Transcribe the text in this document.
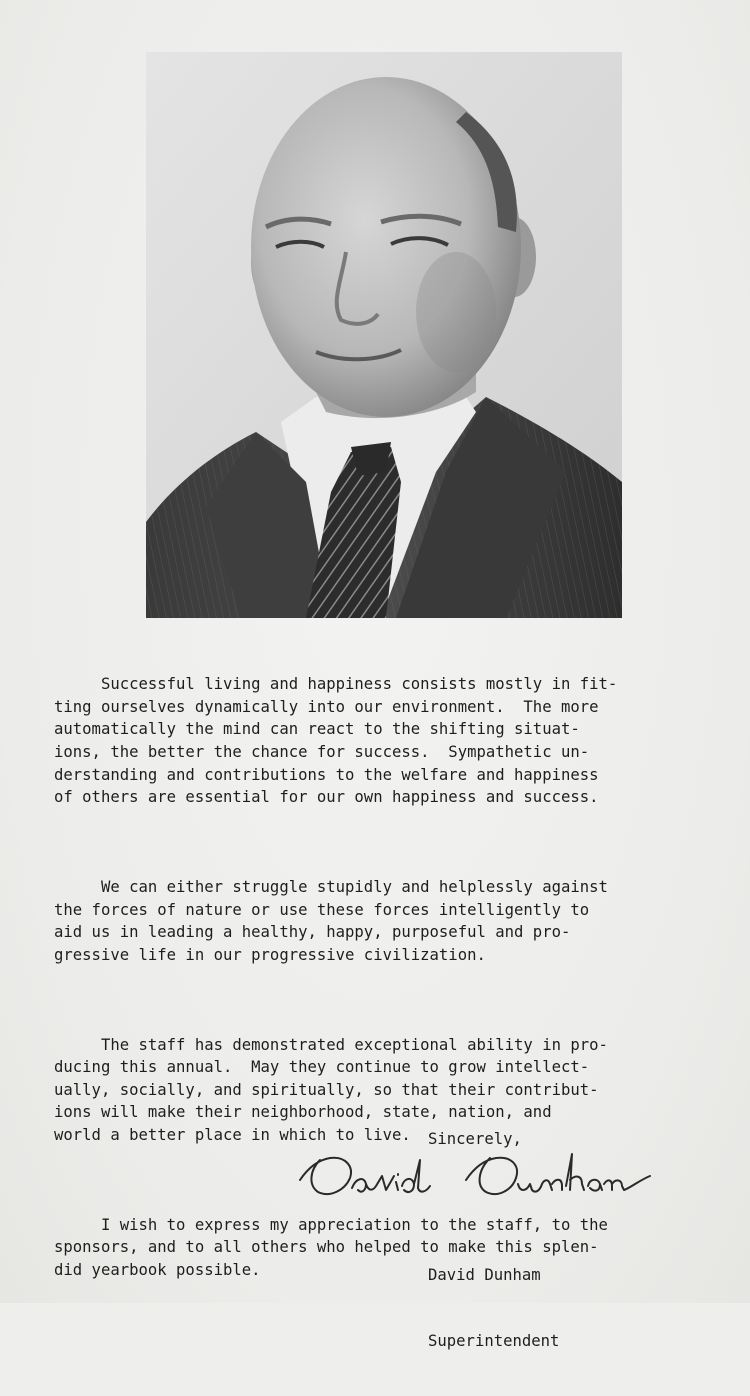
Successful living and happiness consists mostly in fit-
ting ourselves dynamically into our environment.  The more
automatically the mind can react to the shifting situat-
ions, the better the chance for success.  Sympathetic un-
derstanding and contributions to the welfare and happiness
of others are essential for our own happiness and success.

We can either struggle stupidly and helplessly against
the forces of nature or use these forces intelligently to
aid us in leading a healthy, happy, purposeful and pro-
gressive life in our progressive civilization.

The staff has demonstrated exceptional ability in pro-
ducing this annual.  May they continue to grow intellect-
ually, socially, and spiritually, so that their contribut-
ions will make their neighborhood, state, nation, and
world a better place in which to live.

I wish to express my appreciation to the staff, to the
sponsors, and to all others who helped to make this splen-
did yearbook possible.

Sincerely,

David Dunham

Superintendent
